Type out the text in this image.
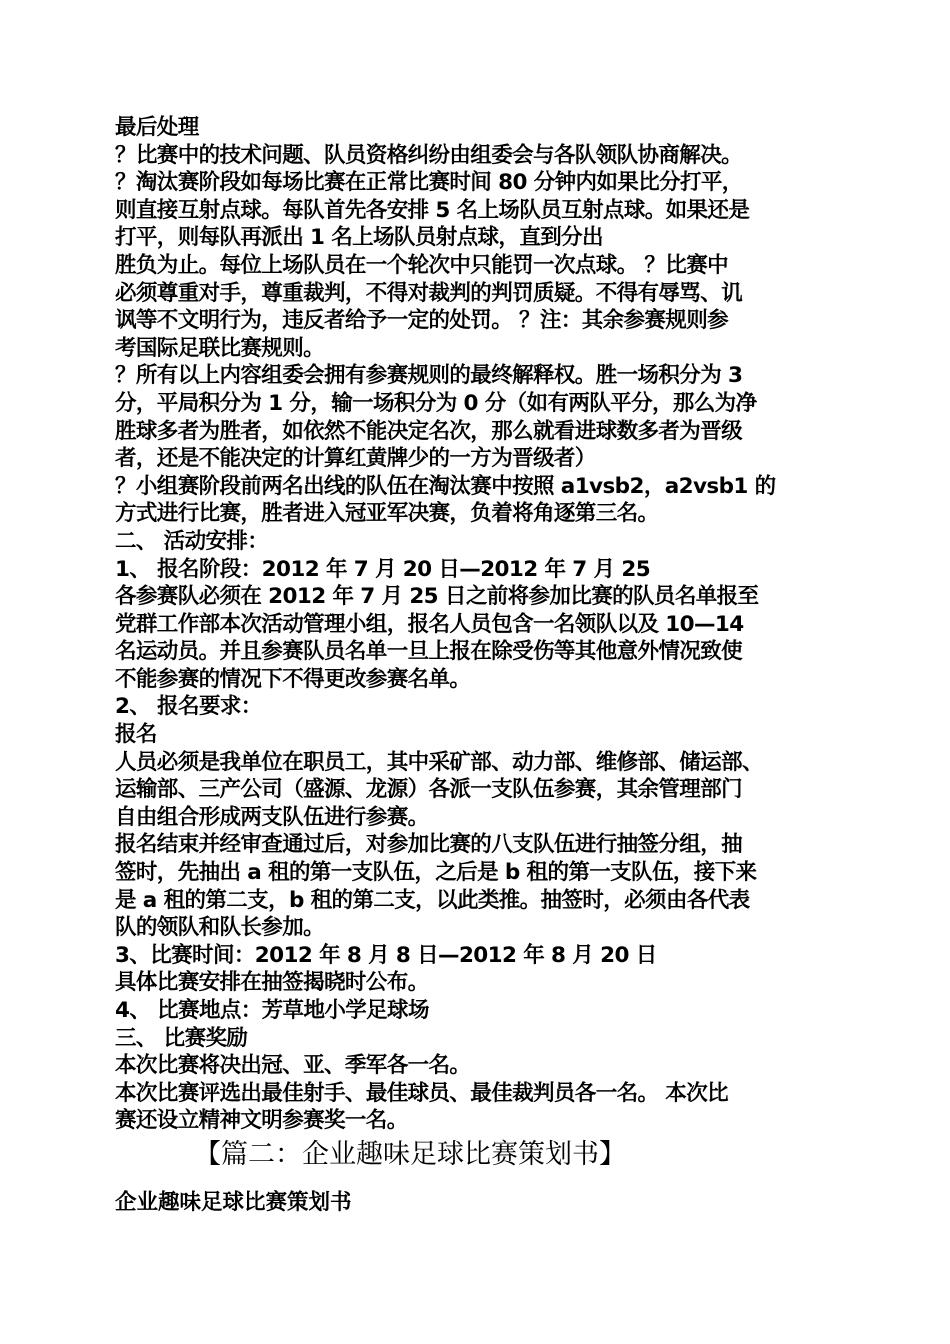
最后处理
？比赛中的技术问题、队员资格纠纷由组委会与各队领队协商解决。
？淘汰赛阶段如每场比赛在正常比赛时间 80 分钟内如果比分打平，
则直接互射点球。每队首先各安排 5 名上场队员互射点球。如果还是
打平，则每队再派出 1 名上场队员射点球，直到分出
胜负为止。每位上场队员在一个轮次中只能罚一次点球。 ？比赛中
必须尊重对手，尊重裁判，不得对裁判的判罚质疑。不得有辱骂、讥
讽等不文明行为，违反者给予一定的处罚。 ？注：其余参赛规则参
考国际足联比赛规则。
？所有以上内容组委会拥有参赛规则的最终解释权。胜一场积分为 3
分，平局积分为 1 分，输一场积分为 0 分（如有两队平分，那么为净
胜球多者为胜者，如依然不能决定名次，那么就看进球数多者为晋级
者，还是不能决定的计算红黄牌少的一方为晋级者）
？小组赛阶段前两名出线的队伍在淘汰赛中按照 a1vsb2，a2vsb1 的
方式进行比赛，胜者进入冠亚军决赛，负着将角逐第三名。
二、 活动安排：
1、 报名阶段：2012 年 7 月 20 日—2012 年 7 月 25
各参赛队必须在 2012 年 7 月 25 日之前将参加比赛的队员名单报至
党群工作部本次活动管理小组，报名人员包含一名领队以及 10—14
名运动员。并且参赛队员名单一旦上报在除受伤等其他意外情况致使
不能参赛的情况下不得更改参赛名单。
2、 报名要求：
报名
人员必须是我单位在职员工，其中采矿部、动力部、维修部、储运部、
运输部、三产公司（盛源、龙源）各派一支队伍参赛，其余管理部门
自由组合形成两支队伍进行参赛。
报名结束并经审查通过后，对参加比赛的八支队伍进行抽签分组，抽
签时，先抽出 a 租的第一支队伍，之后是 b 租的第一支队伍，接下来
是 a 租的第二支，b 租的第二支，以此类推。抽签时，必须由各代表
队的领队和队长参加。
3、比赛时间：2012 年 8 月 8 日—2012 年 8 月 20 日
具体比赛安排在抽签揭晓时公布。
4、 比赛地点：芳草地小学足球场
三、 比赛奖励
本次比赛将决出冠、亚、季军各一名。
本次比赛评选出最佳射手、最佳球员、最佳裁判员各一名。 本次比
赛还设立精神文明参赛奖一名。
【篇二：企业趣味足球比赛策划书】
企业趣味足球比赛策划书
